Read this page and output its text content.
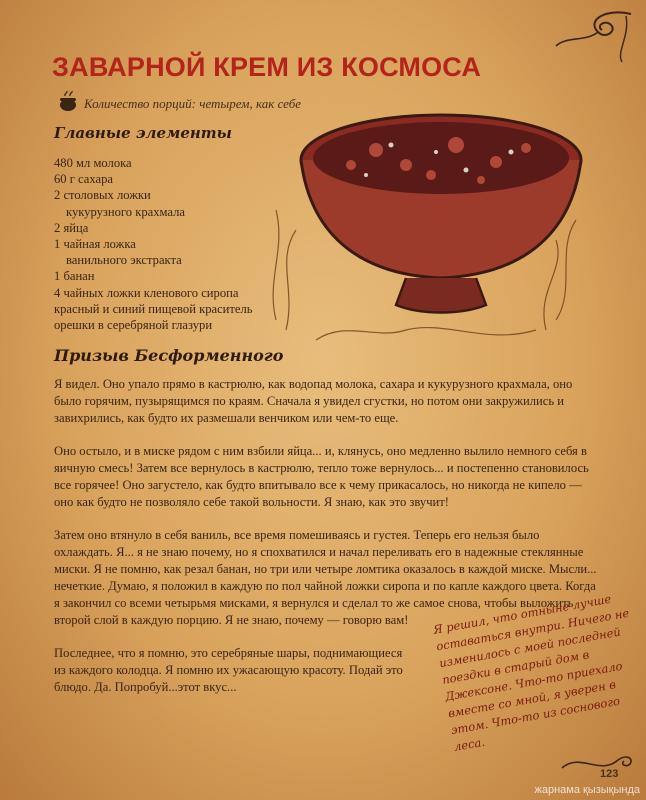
ЗАВАРНОЙ КРЕМ ИЗ КОСМОСА
Количество порций: четырем, как себе
Главные элементы
480 мл молока
60 г сахара
2 столовых ложки
кукурузного крахмала
2 яйца
1 чайная ложка
ванильного экстракта
1 банан
4 чайных ложки кленового сиропа
красный и синий пищевой краситель
орешки в серебряной глазури
Призыв Бесформенного

Я видел. Оно упало прямо в кастрюлю, как водопад молока, сахара и кукурузного крахмала, оно было горячим, пузырящимся по краям. Сначала я увидел сгустки, но потом они закружились и завихрились, как будто их размешали венчиком или чем-то еще.

Оно остыло, и в миске рядом с ним взбили яйца... и, клянусь, оно медленно вылило немного себя в яичную смесь! Затем все вернулось в кастрюлю, тепло тоже вернулось... и постепенно становилось все горячее! Оно загустело, как будто впитывало все к чему прикасалось, но никогда не кипело — оно как будто не позволяло себе такой вольности. Я знаю, как это звучит!

Затем оно втянуло в себя ваниль, все время помешиваясь и густея. Теперь его нельзя было охлаждать. Я... я не знаю почему, но я спохватился и начал переливать его в надежные стеклянные миски. Я не помню, как резал банан, но три или четыре ломтика оказалось в каждой миске. Мысли... нечеткие. Думаю, я положил в каждую по пол чайной ложки сиропа и по капле каждого цвета. Когда я закончил со всеми четырьмя мисками, я вернулся и сделал то же самое снова, чтобы выложить второй слой в каждую порцию. Я не знаю, почему — говорю вам!

Последнее, что я помню, это серебряные шары, поднимающиеся из каждого колодца. Я помню их ужасающую красоту. Подай это блюдо. Да. Попробуй...этот вкус...

Я решил, что отныне лучше оставаться внутри. Ничего не изменилось с моей последней поездки в старый дом в Джексоне. Что-то приехало вместе со мной, я уверен в этом. Что-то из соснового леса.
123
жарнама қызықында
